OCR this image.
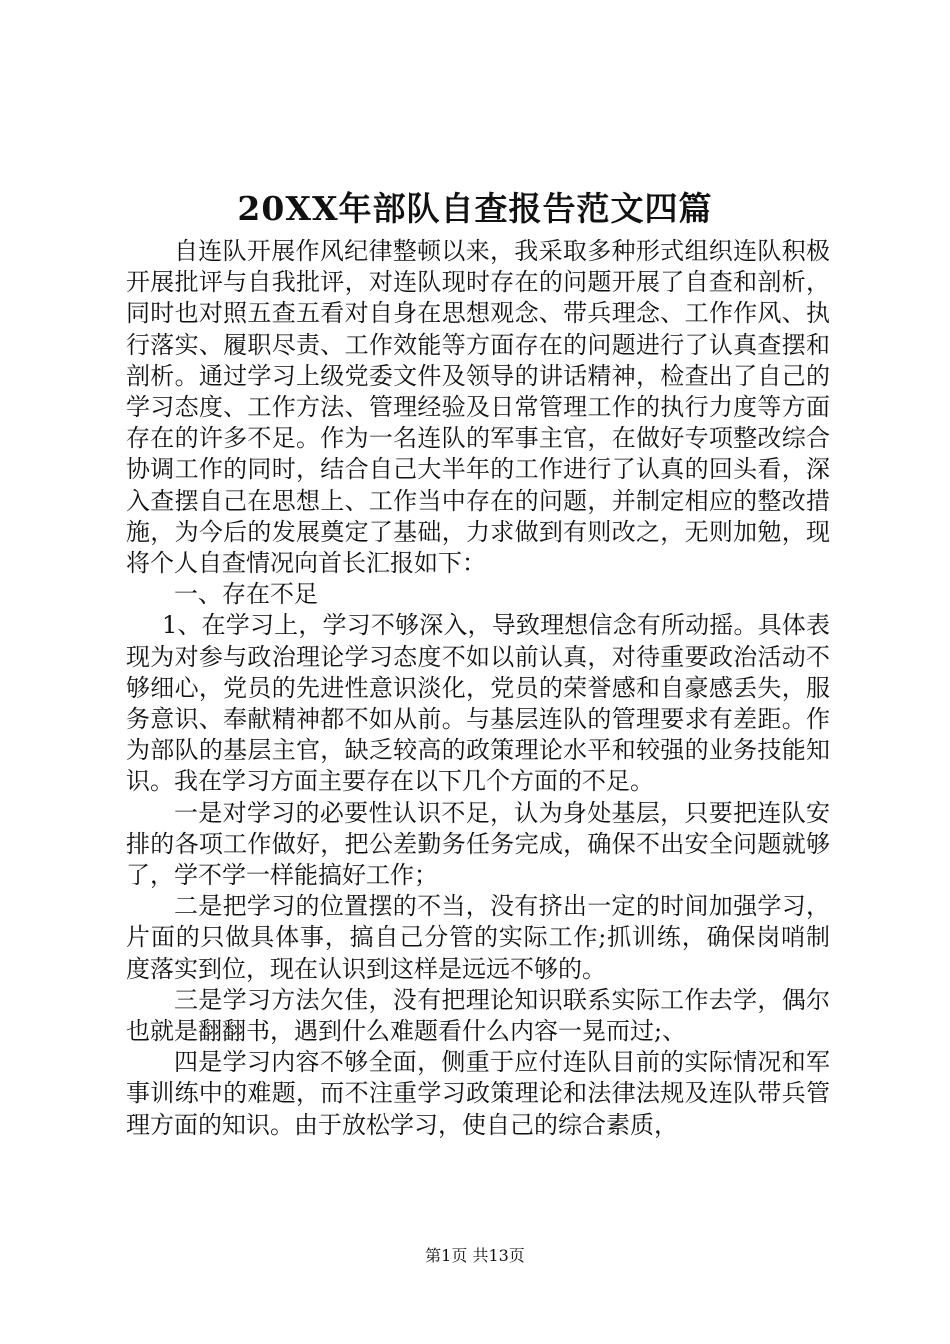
20XX年部队自查报告范文四篇

自连队开展作风纪律整顿以来，我采取多种形式组织连队积极开展批评与自我批评，对连队现时存在的问题开展了自查和剖析，同时也对照五查五看对自身在思想观念、带兵理念、工作作风、执行落实、履职尽责、工作效能等方面存在的问题进行了认真查摆和剖析。通过学习上级党委文件及领导的讲话精神，检查出了自己的学习态度、工作方法、管理经验及日常管理工作的执行力度等方面存在的许多不足。作为一名连队的军事主官，在做好专项整改综合协调工作的同时，结合自己大半年的工作进行了认真的回头看，深入查摆自己在思想上、工作当中存在的问题，并制定相应的整改措施，为今后的发展奠定了基础，力求做到有则改之，无则加勉，现将个人自查情况向首长汇报如下：

一、存在不足

1、在学习上，学习不够深入，导致理想信念有所动摇。具体表现为对参与政治理论学习态度不如以前认真，对待重要政治活动不够细心，党员的先进性意识淡化，党员的荣誉感和自豪感丢失，服务意识、奉献精神都不如从前。与基层连队的管理要求有差距。作为部队的基层主官，缺乏较高的政策理论水平和较强的业务技能知识。我在学习方面主要存在以下几个方面的不足。

一是对学习的必要性认识不足，认为身处基层，只要把连队安排的各项工作做好，把公差勤务任务完成，确保不出安全问题就够了，学不学一样能搞好工作；

二是把学习的位置摆的不当，没有挤出一定的时间加强学习，片面的只做具体事，搞自己分管的实际工作;抓训练，确保岗哨制度落实到位，现在认识到这样是远远不够的。

三是学习方法欠佳，没有把理论知识联系实际工作去学，偶尔也就是翻翻书，遇到什么难题看什么内容一晃而过;、

四是学习内容不够全面，侧重于应付连队目前的实际情况和军事训练中的难题，而不注重学习政策理论和法律法规及连队带兵管理方面的知识。由于放松学习，使自己的综合素质，

第1页 共13页
